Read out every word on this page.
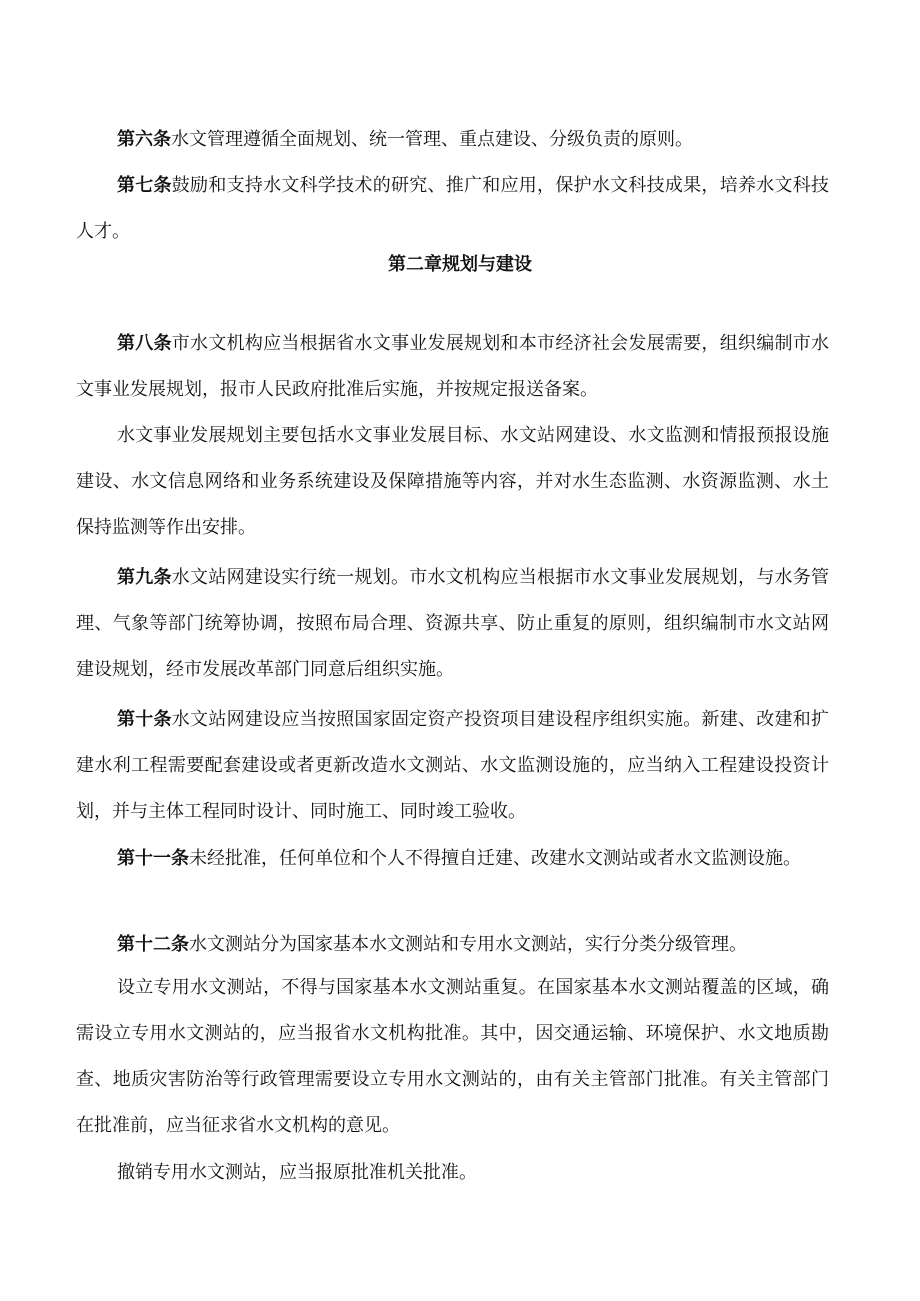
第六条水文管理遵循全面规划、统一管理、重点建设、分级负责的原则。

第七条鼓励和支持水文科学技术的研究、推广和应用，保护水文科技成果，培养水文科技人才。

第二章规划与建设

第八条市水文机构应当根据省水文事业发展规划和本市经济社会发展需要，组织编制市水文事业发展规划，报市人民政府批准后实施，并按规定报送备案。

水文事业发展规划主要包括水文事业发展目标、水文站网建设、水文监测和情报预报设施建设、水文信息网络和业务系统建设及保障措施等内容，并对水生态监测、水资源监测、水土保持监测等作出安排。

第九条水文站网建设实行统一规划。市水文机构应当根据市水文事业发展规划，与水务管理、气象等部门统筹协调，按照布局合理、资源共享、防止重复的原则，组织编制市水文站网建设规划，经市发展改革部门同意后组织实施。

第十条水文站网建设应当按照国家固定资产投资项目建设程序组织实施。新建、改建和扩建水利工程需要配套建设或者更新改造水文测站、水文监测设施的，应当纳入工程建设投资计划，并与主体工程同时设计、同时施工、同时竣工验收。

第十一条未经批准，任何单位和个人不得擅自迁建、改建水文测站或者水文监测设施。

第十二条水文测站分为国家基本水文测站和专用水文测站，实行分类分级管理。

设立专用水文测站，不得与国家基本水文测站重复。在国家基本水文测站覆盖的区域，确需设立专用水文测站的，应当报省水文机构批准。其中，因交通运输、环境保护、水文地质勘查、地质灾害防治等行政管理需要设立专用水文测站的，由有关主管部门批准。有关主管部门在批准前，应当征求省水文机构的意见。

撤销专用水文测站，应当报原批准机关批准。
